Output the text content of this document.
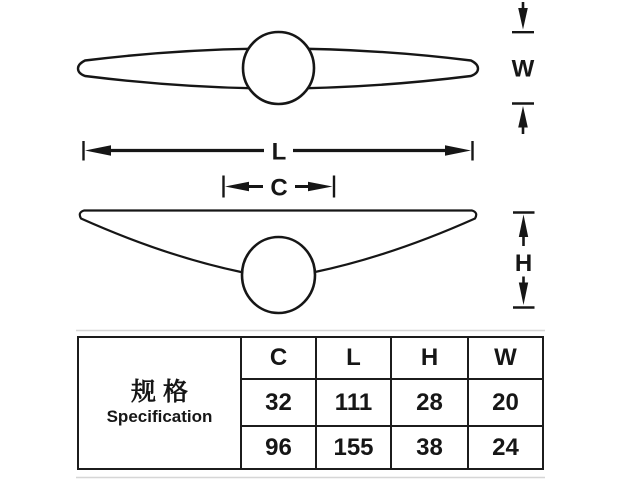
W
L
C
H
规格
Specification	C	L	H	W
	32	111	28	20
	96	155	38	24
